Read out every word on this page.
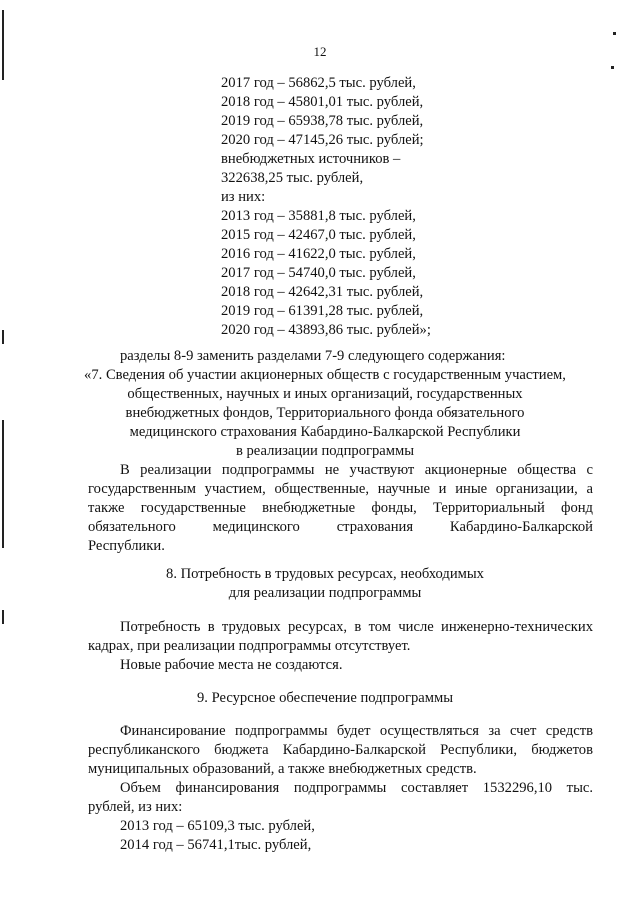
12
2017 год – 56862,5 тыс. рублей,
2018 год – 45801,01 тыс. рублей,
2019 год – 65938,78 тыс. рублей,
2020 год – 47145,26 тыс. рублей;
внебюджетных источников –
322638,25 тыс. рублей,
из них:
2013 год – 35881,8 тыс. рублей,
2015 год – 42467,0 тыс. рублей,
2016 год – 41622,0 тыс. рублей,
2017 год – 54740,0 тыс. рублей,
2018 год – 42642,31 тыс. рублей,
2019 год – 61391,28 тыс. рублей,
2020 год – 43893,86 тыс. рублей»;
разделы 8-9 заменить разделами 7-9 следующего содержания:
«7. Сведения об участии акционерных обществ с государственным участием,
общественных, научных и иных организаций, государственных
внебюджетных фондов, Территориального фонда обязательного
медицинского страхования Кабардино-Балкарской Республики
в реализации подпрограммы
В реализации подпрограммы не участвуют акционерные общества с
государственным участием, общественные, научные и иные организации, а
также государственные внебюджетные фонды, Территориальный фонд
обязательного медицинского страхования Кабардино-Балкарской
Республики.
8. Потребность в трудовых ресурсах, необходимых
для реализации подпрограммы
Потребность в трудовых ресурсах, в том числе инженерно-технических
кадрах, при реализации подпрограммы отсутствует.
Новые рабочие места не создаются.
9. Ресурсное обеспечение подпрограммы
Финансирование подпрограммы будет осуществляться за счет средств
республиканского бюджета Кабардино-Балкарской Республики, бюджетов
муниципальных образований, а также внебюджетных средств.
Объем финансирования подпрограммы составляет 1532296,10 тыс.
рублей, из них:
2013 год – 65109,3 тыс. рублей,
2014 год – 56741,1тыс. рублей,
